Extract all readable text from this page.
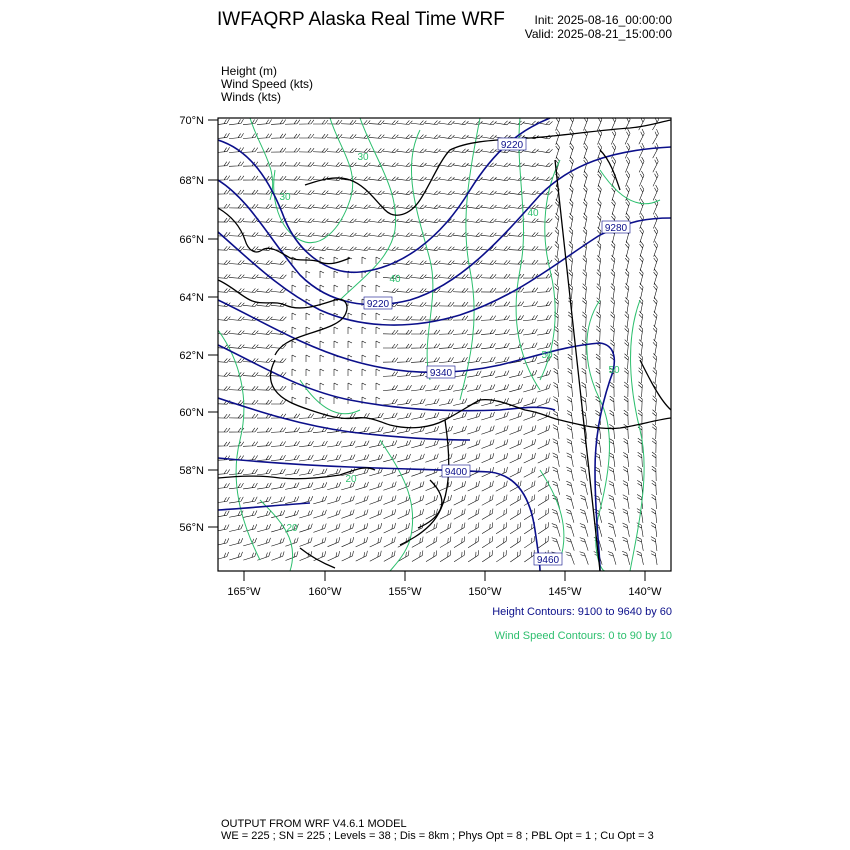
IWFAQRP Alaska Real Time WRF Init: 2025-08-16_00:00:00
Valid: 2025-08-21_15:00:00
Height (m)
Wind Speed (kts)
Winds (kts)
9220
9220
9280
9340
9400
9460
30
30
40
40
50
50
20
20
70°N
68°N
66°N
64°N
62°N
60°N
58°N
56°N
165°W	160°W	155°W	150°W	145°W	140°W
Height Contours: 9100 to 9640 by 60
Wind Speed Contours: 0 to 90 by 10
OUTPUT FROM WRF V4.6.1 MODEL
WE = 225 ; SN = 225 ; Levels = 38 ; Dis = 8km ; Phys Opt = 8 ; PBL Opt = 1 ; Cu Opt = 3
